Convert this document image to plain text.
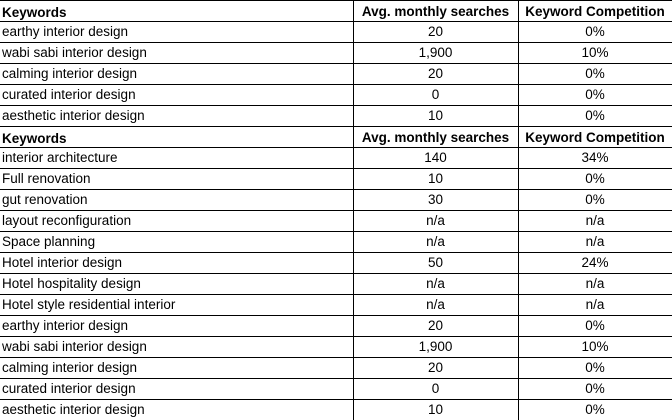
Keywords	Avg. monthly searches	Keyword Competition
earthy interior design	20	0%
wabi sabi interior design	1,900	10%
calming interior design	20	0%
curated interior design	0	0%
aesthetic interior design	10	0%
Keywords	Avg. monthly searches	Keyword Competition
interior architecture	140	34%
Full renovation	10	0%
gut renovation	30	0%
layout reconfiguration	n/a	n/a
Space planning	n/a	n/a
Hotel interior design	50	24%
Hotel hospitality design	n/a	n/a
Hotel style residential interior	n/a	n/a
earthy interior design	20	0%
wabi sabi interior design	1,900	10%
calming interior design	20	0%
curated interior design	0	0%
aesthetic interior design	10	0%
